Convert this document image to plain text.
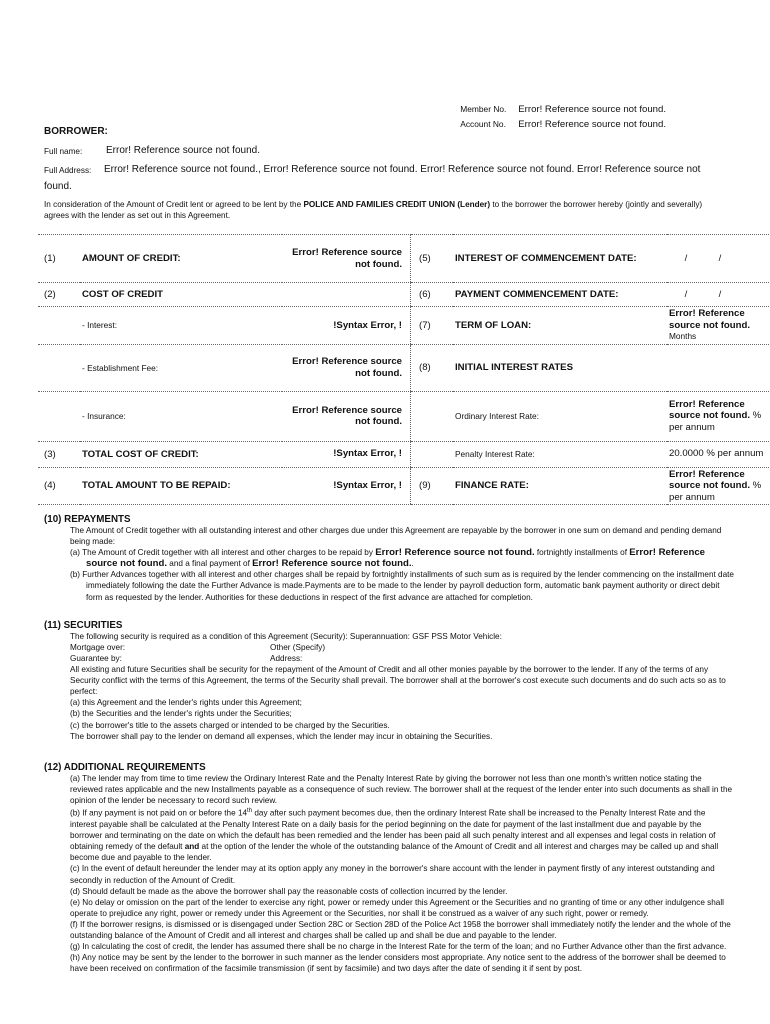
Member No. Error! Reference source not found.
Account No. Error! Reference source not found.
BORROWER:
Full name: Error! Reference source not found.
Full Address: Error! Reference source not found., Error! Reference source not found. Error! Reference source not found. Error! Reference source not
found.
In consideration of the Amount of Credit lent or agreed to be lent by the POLICE AND FAMILIES CREDIT UNION (Lender) to the borrower the borrower hereby (jointly and severally) agrees with the lender as set out in this Agreement.
(1)	AMOUNT OF CREDIT:	Error! Reference source not found.	(5)	INTEREST OF COMMENCEMENT DATE:	/ /
(2)	COST OF CREDIT		(6)	PAYMENT COMMENCEMENT DATE:	/ /
	- Interest:	!Syntax Error, !	(7)	TERM OF LOAN:	Error! Reference source not found.
Months

	- Establishment Fee:	Error! Reference source not found.	(8)	INITIAL INTEREST RATES	
	- Insurance:	Error! Reference source not found.		Ordinary Interest Rate:	Error! Reference source not found. %
per annum

(3)	TOTAL COST OF CREDIT:	!Syntax Error, !		Penalty Interest Rate:	20.0000 % per annum
(4)	TOTAL AMOUNT TO BE REPAID:	!Syntax Error, !	(9)	FINANCE RATE:	Error! Reference source not found. %
per annum
(10) REPAYMENTS
The Amount of Credit together with all outstanding interest and other charges due under this Agreement are repayable by the borrower in one sum on demand and pending demand being made:
(a) The Amount of Credit together with all interest and other charges to be repaid by Error! Reference source not found. fortnightly installments of Error! Reference source not found. and a final payment of Error! Reference source not found..
(b) Further Advances together with all interest and other charges shall be repaid by fortnightly installments of such sum as is required by the lender commencing on the installment date immediately following the date the Further Advance is made.Payments are to be made to the lender by payroll deduction form, automatic bank payment authority or direct debit form as requested by the lender. Authorities for these deductions in respect of the first advance are attached for completion.
(11) SECURITIES
The following security is required as a condition of this Agreement (Security): Superannuation: GSF PSS Motor Vehicle:
Mortgage over:	Other (Specify)
Guarantee by:	Address:
All existing and future Securities shall be security for the repayment of the Amount of Credit and all other monies payable by the borrower to the lender. If any of the terms of any Security conflict with the terms of this Agreement, the terms of the Security shall prevail. The borrower shall at the borrower's cost execute such documents and do such acts so as to perfect:
(a) this Agreement and the lender's rights under this Agreement;
(b) the Securities and the lender's rights under the Securities;
(c) the borrower's title to the assets charged or intended to be charged by the Securities.
The borrower shall pay to the lender on demand all expenses, which the lender may incur in obtaining the Securities.
(12) ADDITIONAL REQUIREMENTS
(a) The lender may from time to time review the Ordinary Interest Rate and the Penalty Interest Rate by giving the borrower not less than one month's written notice stating the reviewed rates applicable and the new Installments payable as a consequence of such review. The borrower shall at the request of the lender enter into such documents as shall in the opinion of the lender be necessary to record such review.
(b) If any payment is not paid on or before the 14th day after such payment becomes due, then the ordinary Interest Rate shall be increased to the Penalty Interest Rate and the interest payable shall be calculated at the Penalty Interest Rate on a daily basis for the period beginning on the date for payment of the last installment due and payable by the borrower and terminating on the date on which the default has been remedied and the lender has been paid all such penalty interest and all expenses and legal costs in relation of obtaining remedy of the default and at the option of the lender the whole of the outstanding balance of the Amount of Credit and all interest and charges may be called up and shall become due and payable to the lender.
(c) In the event of default hereunder the lender may at its option apply any money in the borrower's share account with the lender in payment firstly of any interest outstanding and secondly in reduction of the Amount of Credit.
(d) Should default be made as the above the borrower shall pay the reasonable costs of collection incurred by the lender.
(e) No delay or omission on the part of the lender to exercise any right, power or remedy under this Agreement or the Securities and no granting of time or any other indulgence shall operate to prejudice any right, power or remedy under this Agreement or the Securities, nor shall it be construed as a waiver of any such right, power or remedy.
(f) If the borrower resigns, is dismissed or is disengaged under Section 28C or Section 28D of the Police Act 1958 the borrower shall immediately notify the lender and the whole of the outstanding balance of the Amount of Credit and all interest and charges shall be called up and shall be due and payable to the lender.
(g) In calculating the cost of credit, the lender has assumed there shall be no charge in the Interest Rate for the term of the loan; and no Further Advance other than the first advance.
(h) Any notice may be sent by the lender to the borrower in such manner as the lender considers most appropriate. Any notice sent to the address of the borrower shall be deemed to have been received on confirmation of the facsimile transmission (if sent by facsimile) and two days after the date of sending it if sent by post.
